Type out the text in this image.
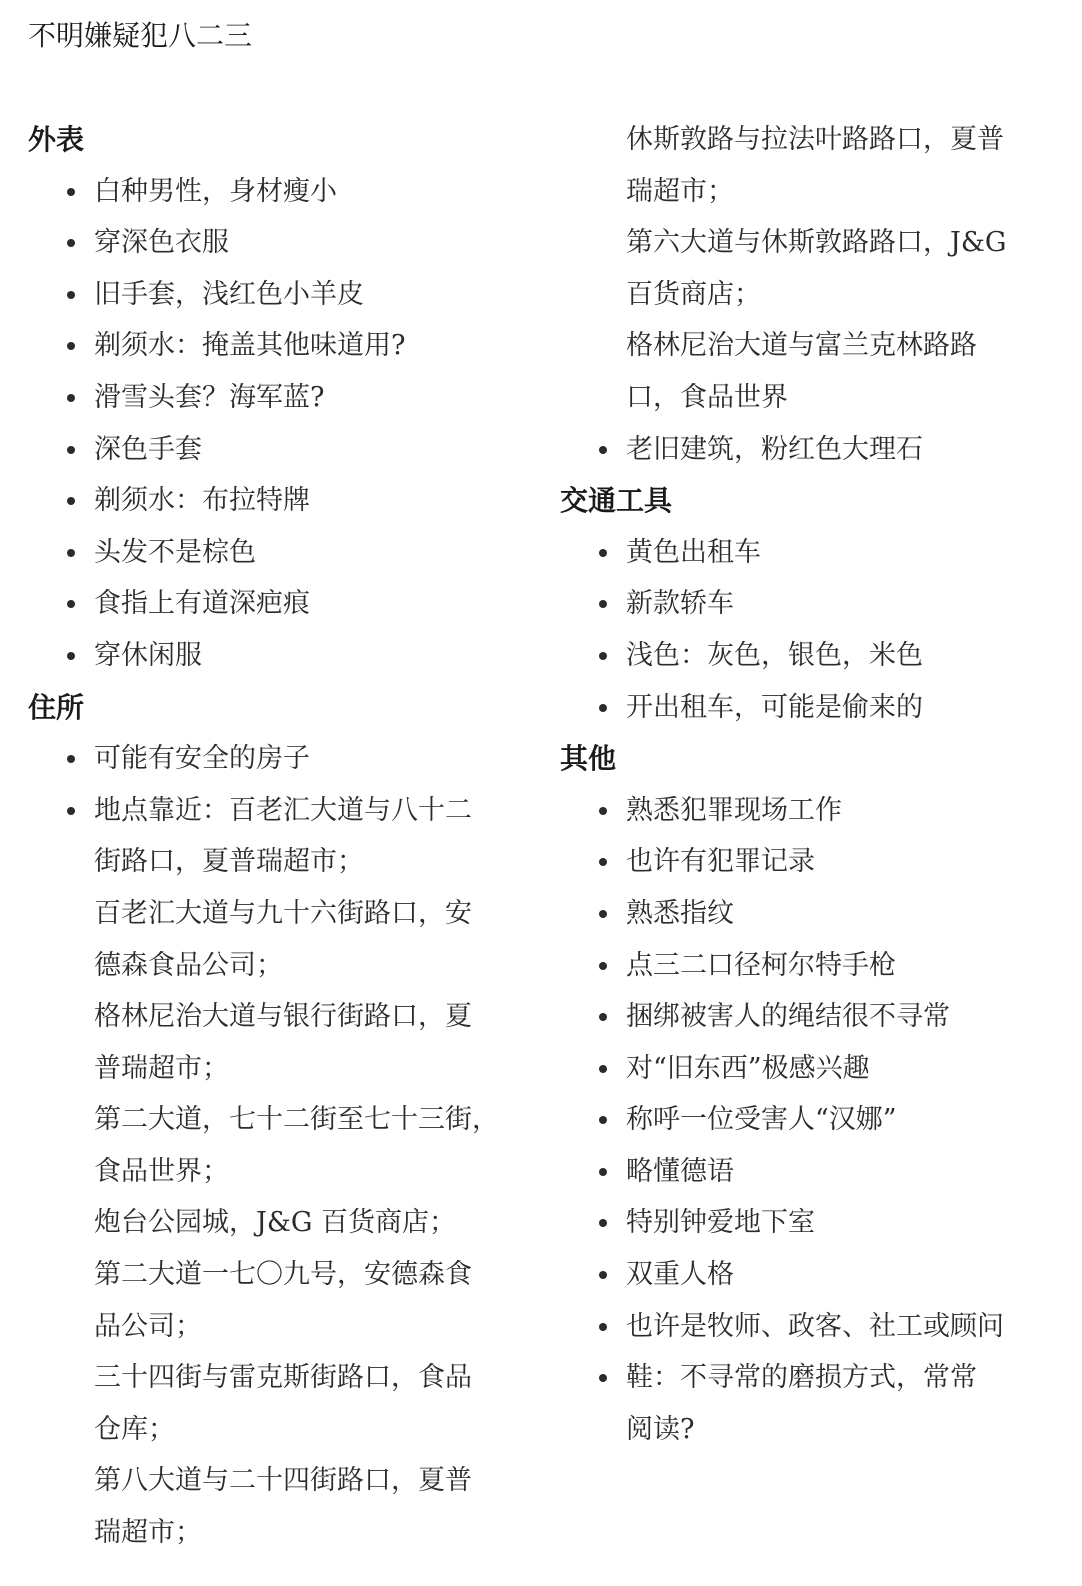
不明嫌疑犯八二三
外表
白种男性，身材瘦小
穿深色衣服
旧手套，浅红色小羊皮
剃须水：掩盖其他味道用?
滑雪头套？海军蓝?
深色手套
剃须水：布拉特牌
头发不是棕色
食指上有道深疤痕
穿休闲服
住所
可能有安全的房子
地点靠近：百老汇大道与八十二
街路口，夏普瑞超市；
百老汇大道与九十六街路口，安
德森食品公司；
格林尼治大道与银行街路口，夏
普瑞超市；
第二大道，七十二街至七十三街，
食品世界；
炮台公园城，J&G 百货商店；
第二大道一七〇九号，安德森食
品公司；
三十四街与雷克斯街路口，食品
仓库；
第八大道与二十四街路口，夏普
瑞超市；
休斯敦路与拉法叶路路口，夏普
瑞超市；
第六大道与休斯敦路路口，J&G
百货商店；
格林尼治大道与富兰克林路路
口，食品世界
老旧建筑，粉红色大理石
交通工具
黄色出租车
新款轿车
浅色：灰色，银色，米色
开出租车，可能是偷来的
其他
熟悉犯罪现场工作
也许有犯罪记录
熟悉指纹
点三二口径柯尔特手枪
捆绑被害人的绳结很不寻常
对“旧东西”极感兴趣
称呼一位受害人“汉娜”
略懂德语
特别钟爱地下室
双重人格
也许是牧师、政客、社工或顾问
鞋：不寻常的磨损方式，常常
阅读?
